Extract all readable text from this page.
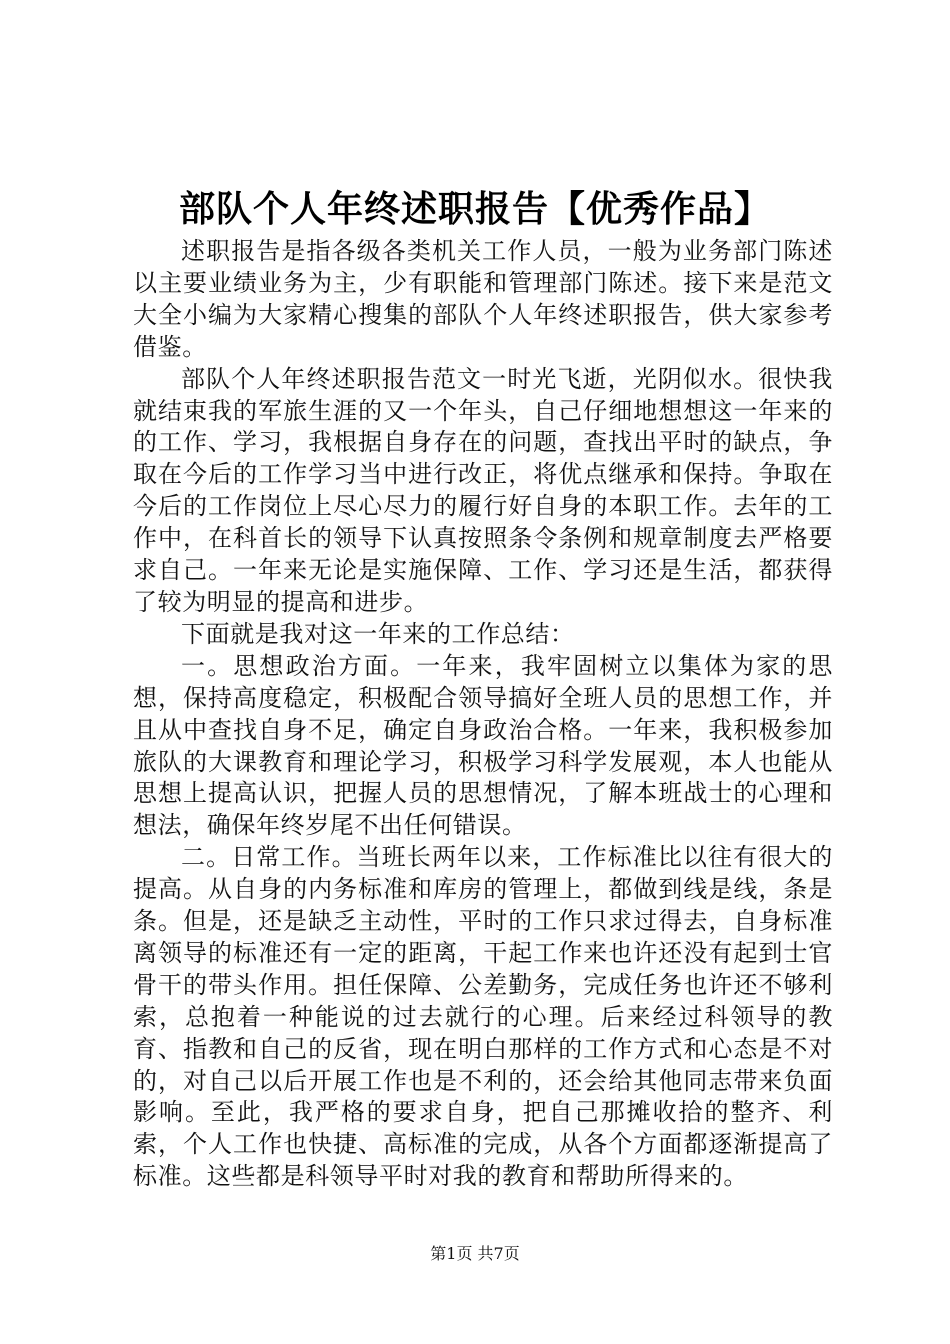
部队个人年终述职报告【优秀作品】

述职报告是指各级各类机关工作人员，一般为业务部门陈述以主要业绩业务为主，少有职能和管理部门陈述。接下来是范文大全小编为大家精心搜集的部队个人年终述职报告，供大家参考借鉴。

部队个人年终述职报告范文一时光飞逝，光阴似水。很快我就结束我的军旅生涯的又一个年头，自己仔细地想想这一年来的的工作、学习，我根据自身存在的问题，查找出平时的缺点，争取在今后的工作学习当中进行改正，将优点继承和保持。争取在今后的工作岗位上尽心尽力的履行好自身的本职工作。去年的工作中，在科首长的领导下认真按照条令条例和规章制度去严格要求自己。一年来无论是实施保障、工作、学习还是生活，都获得了较为明显的提高和进步。

下面就是我对这一年来的工作总结：

一。思想政治方面。一年来，我牢固树立以集体为家的思想，保持高度稳定，积极配合领导搞好全班人员的思想工作，并且从中查找自身不足，确定自身政治合格。一年来，我积极参加旅队的大课教育和理论学习，积极学习科学发展观，本人也能从思想上提高认识，把握人员的思想情况，了解本班战士的心理和想法，确保年终岁尾不出任何错误。

二。日常工作。当班长两年以来，工作标准比以往有很大的提高。从自身的内务标准和库房的管理上，都做到线是线，条是条。但是，还是缺乏主动性，平时的工作只求过得去，自身标准离领导的标准还有一定的距离，干起工作来也许还没有起到士官骨干的带头作用。担任保障、公差勤务，完成任务也许还不够利索，总抱着一种能说的过去就行的心理。后来经过科领导的教育、指教和自己的反省，现在明白那样的工作方式和心态是不对的，对自己以后开展工作也是不利的，还会给其他同志带来负面影响。至此，我严格的要求自身，把自己那摊收拾的整齐、利索，个人工作也快捷、高标准的完成，从各个方面都逐渐提高了标准。这些都是科领导平时对我的教育和帮助所得来的。

第1页 共7页
